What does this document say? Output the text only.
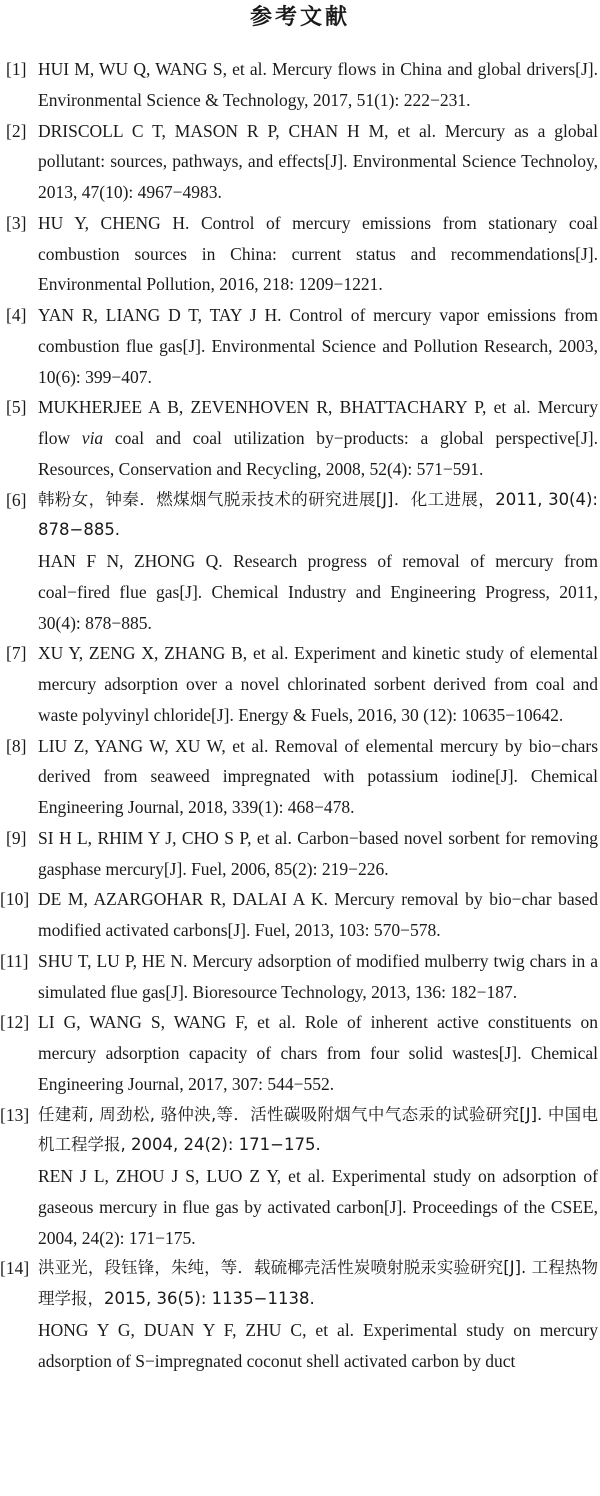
参考文献
[1] HUI M, WU Q, WANG S, et al. Mercury flows in China and global drivers[J]. Environmental Science & Technology, 2017, 51(1): 222−231.
[2] DRISCOLL C T, MASON R P, CHAN H M, et al. Mercury as a global pollutant: sources, pathways, and effects[J]. Environmental Science Technoloy, 2013, 47(10): 4967−4983.
[3] HU Y, CHENG H. Control of mercury emissions from stationary coal combustion sources in China: current status and recommendations[J]. Environmental Pollution, 2016, 218: 1209−1221.
[4] YAN R, LIANG D T, TAY J H. Control of mercury vapor emissions from combustion flue gas[J]. Environmental Science and Pollution Research, 2003, 10(6): 399−407.
[5] MUKHERJEE A B, ZEVENHOVEN R, BHATTACHARY P, et al. Mercury flow via coal and coal utilization by−products: a global perspective[J]. Resources, Conservation and Recycling, 2008, 52(4): 571−591.
[6] 韩粉女，钟秦．燃煤烟气脱汞技术的研究进展[J]．化工进展，2011, 30(4): 878−885.
HAN F N, ZHONG Q. Research progress of removal of mercury from coal−fired flue gas[J]. Chemical Industry and Engineering Progress, 2011, 30(4): 878−885.
[7] XU Y, ZENG X, ZHANG B, et al. Experiment and kinetic study of elemental mercury adsorption over a novel chlorinated sorbent derived from coal and waste polyvinyl chloride[J]. Energy & Fuels, 2016, 30 (12): 10635−10642.
[8] LIU Z, YANG W, XU W, et al. Removal of elemental mercury by bio−chars derived from seaweed impregnated with potassium iodine[J]. Chemical Engineering Journal, 2018, 339(1): 468−478.
[9] SI H L, RHIM Y J, CHO S P, et al. Carbon−based novel sorbent for removing gasphase mercury[J]. Fuel, 2006, 85(2): 219−226.
[10] DE M, AZARGOHAR R, DALAI A K. Mercury removal by bio−char based modified activated carbons[J]. Fuel, 2013, 103: 570−578.
[11] SHU T, LU P, HE N. Mercury adsorption of modified mulberry twig chars in a simulated flue gas[J]. Bioresource Technology, 2013, 136: 182−187.
[12] LI G, WANG S, WANG F, et al. Role of inherent active constituents on mercury adsorption capacity of chars from four solid wastes[J]. Chemical Engineering Journal, 2017, 307: 544−552.
[13] 任建莉, 周劲松, 骆仲泱,等．活性碳吸附烟气中气态汞的试验研究[J]. 中国电机工程学报, 2004, 24(2): 171−175.
REN J L, ZHOU J S, LUO Z Y, et al. Experimental study on adsorption of gaseous mercury in flue gas by activated carbon[J]. Proceedings of the CSEE, 2004, 24(2): 171−175.
[14] 洪亚光，段钰锋，朱纯，等．载硫椰壳活性炭喷射脱汞实验研究[J]. 工程热物理学报，2015, 36(5): 1135−1138.
HONG Y G, DUAN Y F, ZHU C, et al. Experimental study on mercury adsorption of S−impregnated coconut shell activated carbon by duct
